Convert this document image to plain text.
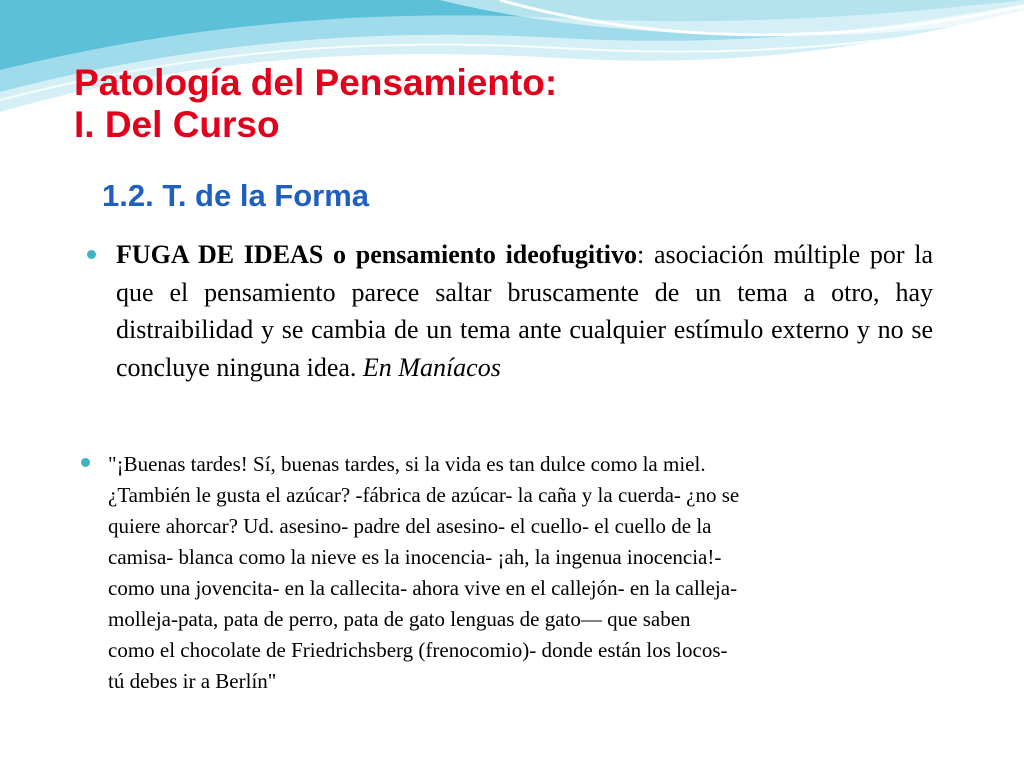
Patología del Pensamiento:
I. Del Curso
1.2. T. de la Forma

FUGA DE IDEAS o pensamiento ideofugitivo: asociación múltiple por la que el pensamiento parece saltar bruscamente de un tema a otro, hay distraibilidad y se cambia de un tema ante cualquier estímulo externo y no se concluye ninguna idea. En Maníacos

"¡Buenas tardes! Sí, buenas tardes, si la vida es tan dulce como la miel.
¿También le gusta el azúcar? -fábrica de azúcar- la caña y la cuerda- ¿no se
quiere ahorcar? Ud. asesino- padre del asesino- el cuello- el cuello de la
camisa- blanca como la nieve es la inocencia- ¡ah, la ingenua inocencia!-
como una jovencita- en la callecita- ahora vive en el callejón- en la calleja-
molleja-pata, pata de perro, pata de gato lenguas de gato— que saben
como el chocolate de Friedrichsberg (frenocomio)- donde están los locos-
tú debes ir a Berlín"
